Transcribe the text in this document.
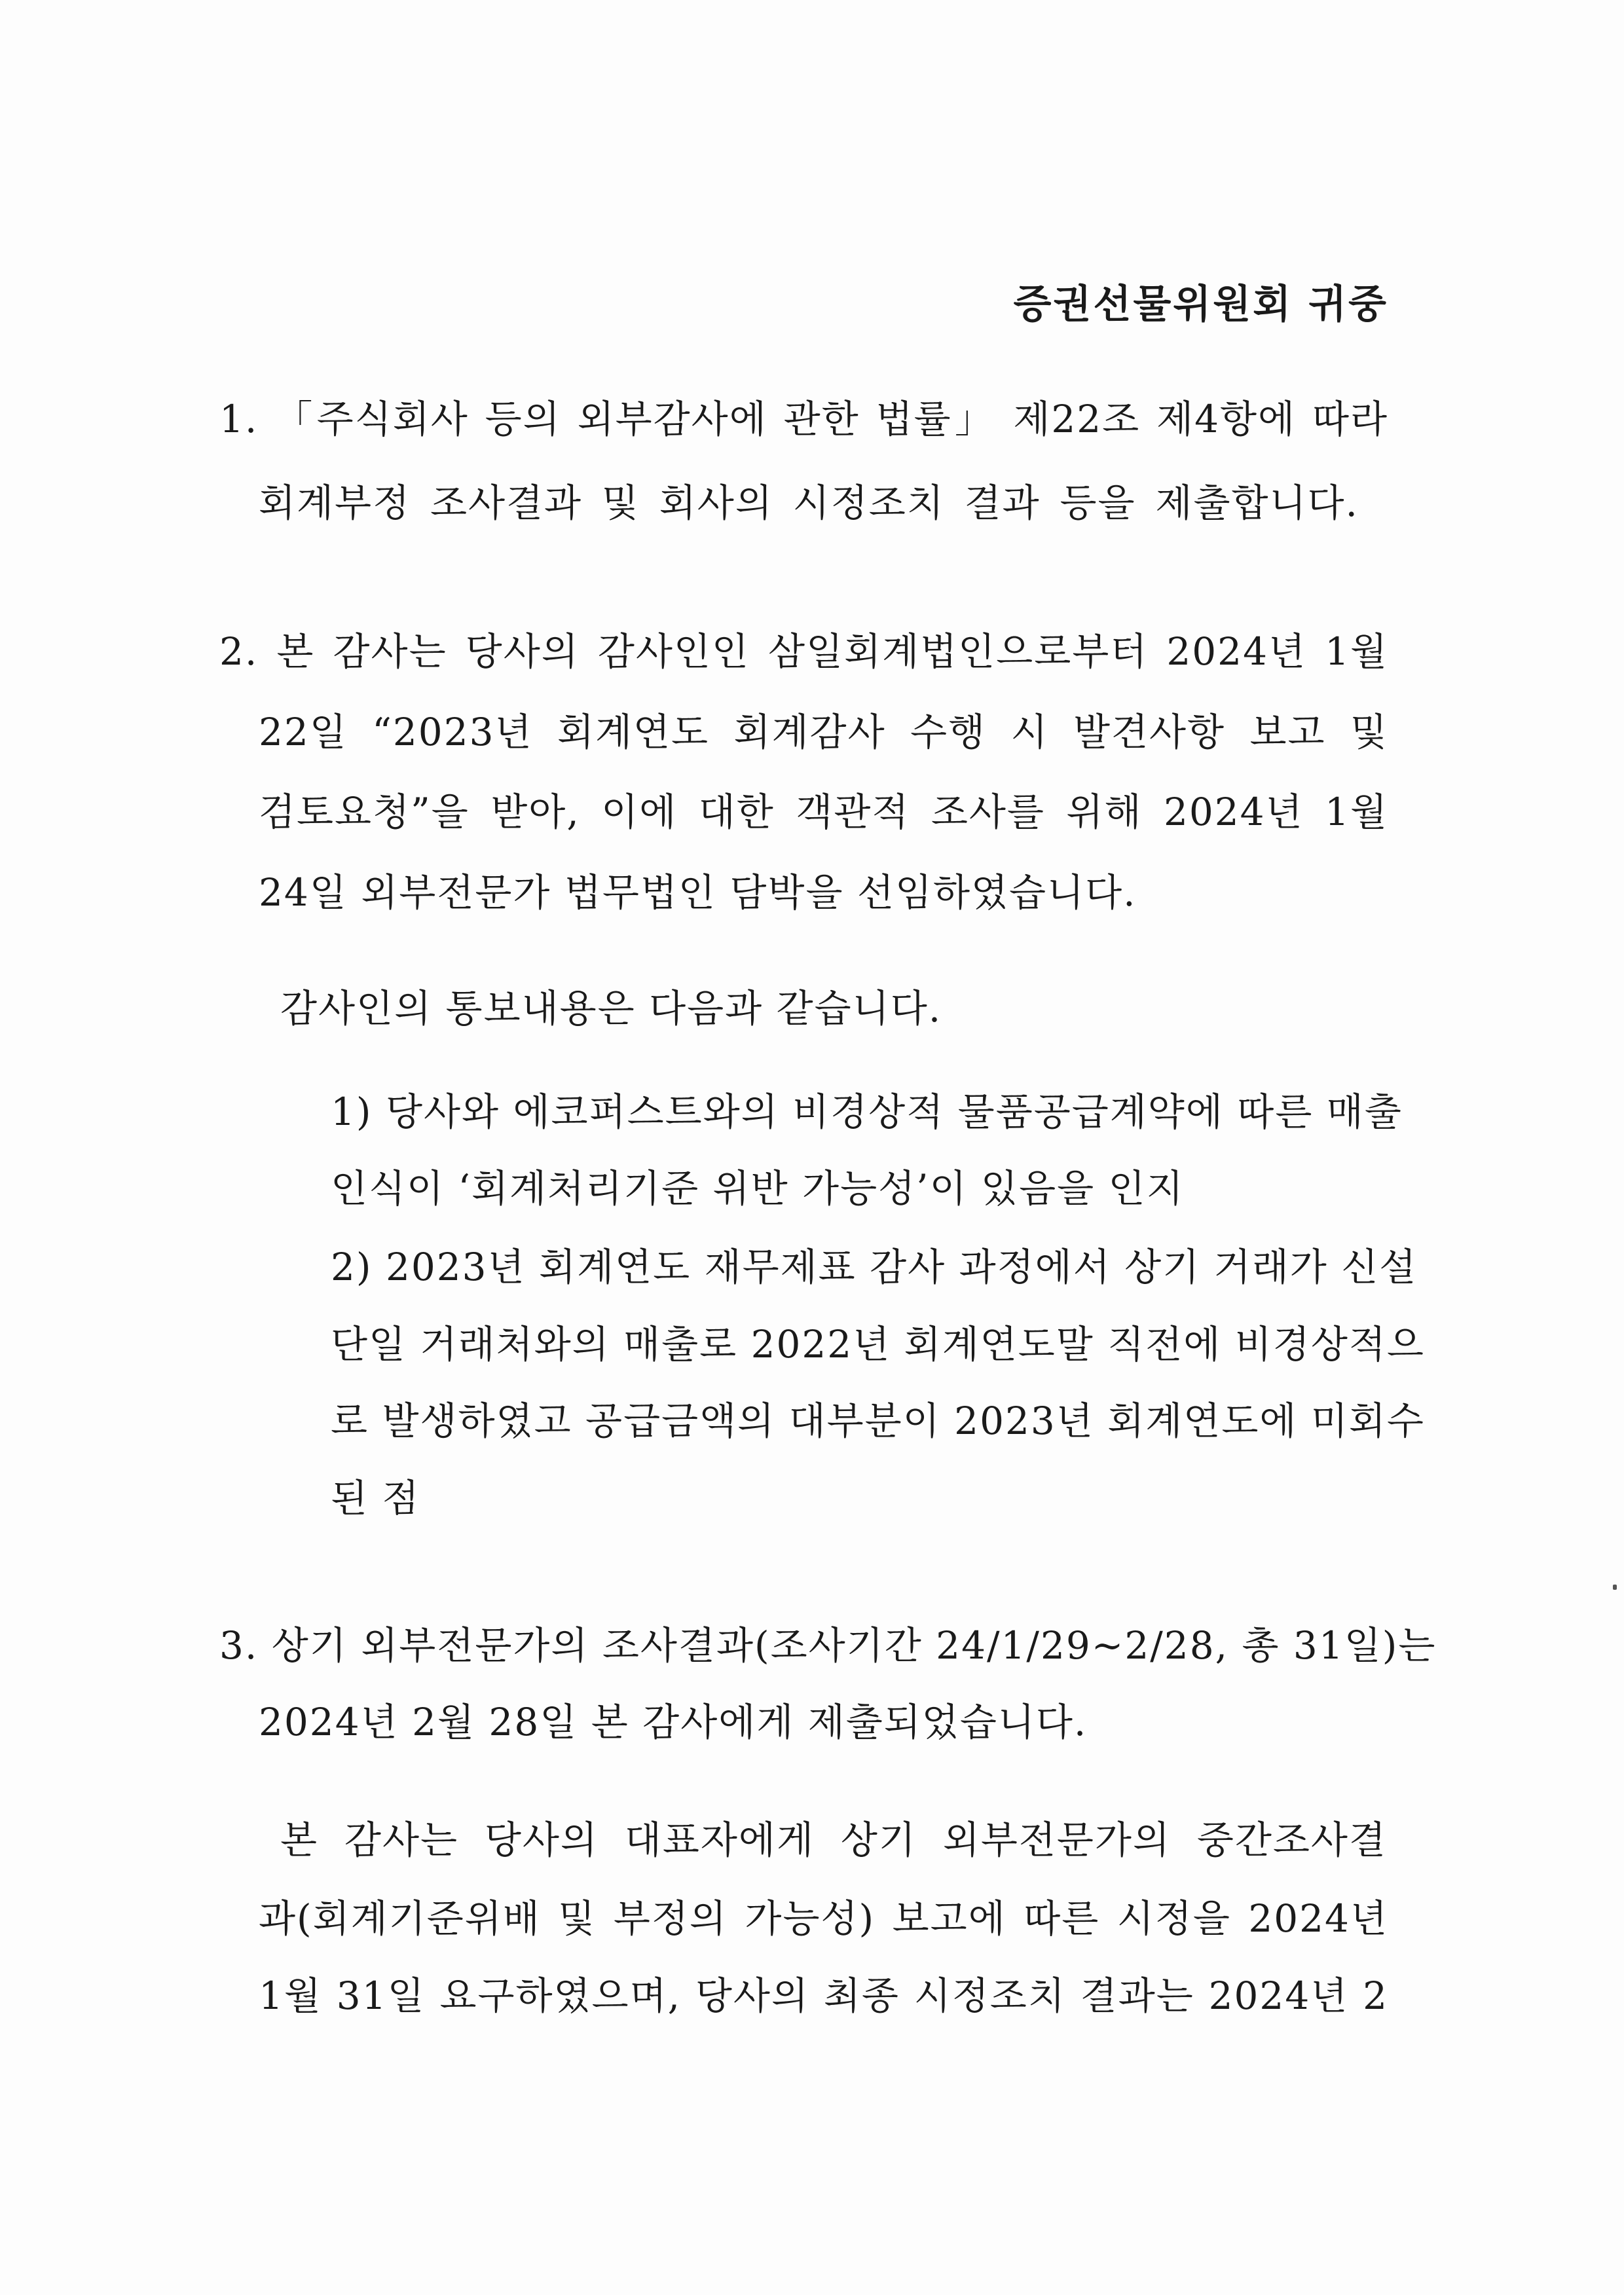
증권선물위원회 귀중
1. 「주식회사 등의 외부감사에 관한 법률」 제22조 제4항에 따라
회계부정 조사결과 및 회사의 시정조치 결과 등을 제출합니다.
2. 본 감사는 당사의 감사인인 삼일회계법인으로부터 2024년 1월
22일 “2023년 회계연도 회계감사 수행 시 발견사항 보고 및
검토요청”을 받아, 이에 대한 객관적 조사를 위해 2024년 1월
24일 외부전문가 법무법인 담박을 선임하였습니다.
감사인의 통보내용은 다음과 같습니다.
1) 당사와 에코퍼스트와의 비경상적 물품공급계약에 따른 매출
인식이 ‘회계처리기준 위반 가능성’이 있음을 인지
2) 2023년 회계연도 재무제표 감사 과정에서 상기 거래가 신설
단일 거래처와의 매출로 2022년 회계연도말 직전에 비경상적으
로 발생하였고 공급금액의 대부분이 2023년 회계연도에 미회수
된 점
3. 상기 외부전문가의 조사결과(조사기간 24/1/29~2/28, 총 31일)는
2024년 2월 28일 본 감사에게 제출되었습니다.
본 감사는 당사의 대표자에게 상기 외부전문가의 중간조사결
과(회계기준위배 및 부정의 가능성) 보고에 따른 시정을 2024년
1월 31일 요구하였으며, 당사의 최종 시정조치 결과는 2024년 2
